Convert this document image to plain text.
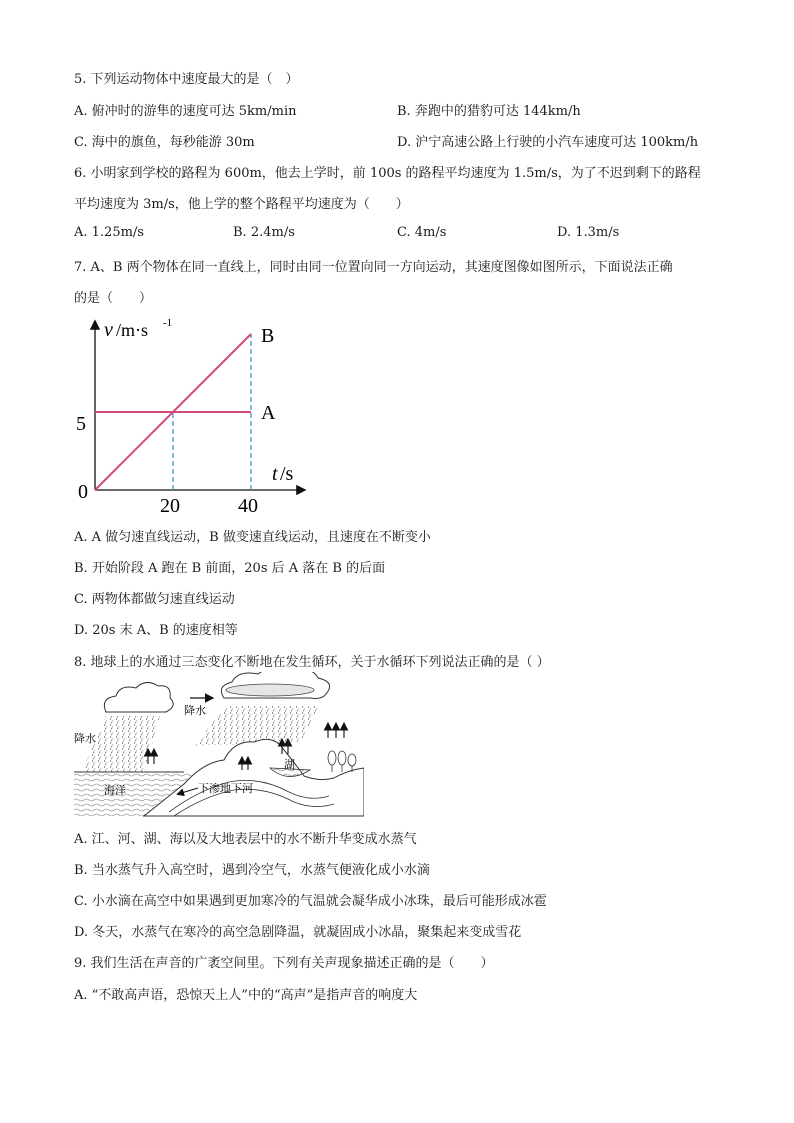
5. 下列运动物体中速度最大的是（　）
A. 俯冲时的游隼的速度可达 5km/min	B. 奔跑中的猎豹可达 144km/h
C. 海中的旗鱼，每秒能游 30m	D. 沪宁高速公路上行驶的小汽车速度可达 100km/h
6. 小明家到学校的路程为 600m，他去上学时，前 100s 的路程平均速度为 1.5m/s，为了不迟到剩下的路程
平均速度为 3m/s，他上学的整个路程平均速度为（　　）
A. 1.25m/s	B. 2.4m/s	C. 4m/s	D. 1.3m/s
7. A、B 两个物体在同一直线上，同时由同一位置向同一方向运动，其速度图像如图所示，下面说法正确
的是（　　）
A
B
v /m·s -1
t /s
0
5
20	40
A. A 做匀速直线运动，B 做变速直线运动，且速度在不断变小
B. 开始阶段 A 跑在 B 前面，20s 后 A 落在 B 的后面
C. 两物体都做匀速直线运动
D. 20s 末 A、B 的速度相等
8. 地球上的水通过三态变化不断地在发生循环，关于水循环下列说法正确的是（ ）
降水
降水
海洋
湖
下渗地下河
A. 江、河、湖、海以及大地表层中的水不断升华变成水蒸气
B. 当水蒸气升入高空时，遇到冷空气，水蒸气便液化成小水滴
C. 小水滴在高空中如果遇到更加寒冷的气温就会凝华成小冰珠，最后可能形成冰雹
D. 冬天，水蒸气在寒冷的高空急剧降温，就凝固成小冰晶，聚集起来变成雪花
9. 我们生活在声音的广袤空间里。下列有关声现象描述正确的是（　　）
A. “不敢高声语，恐惊天上人”中的“高声”是指声音的响度大
